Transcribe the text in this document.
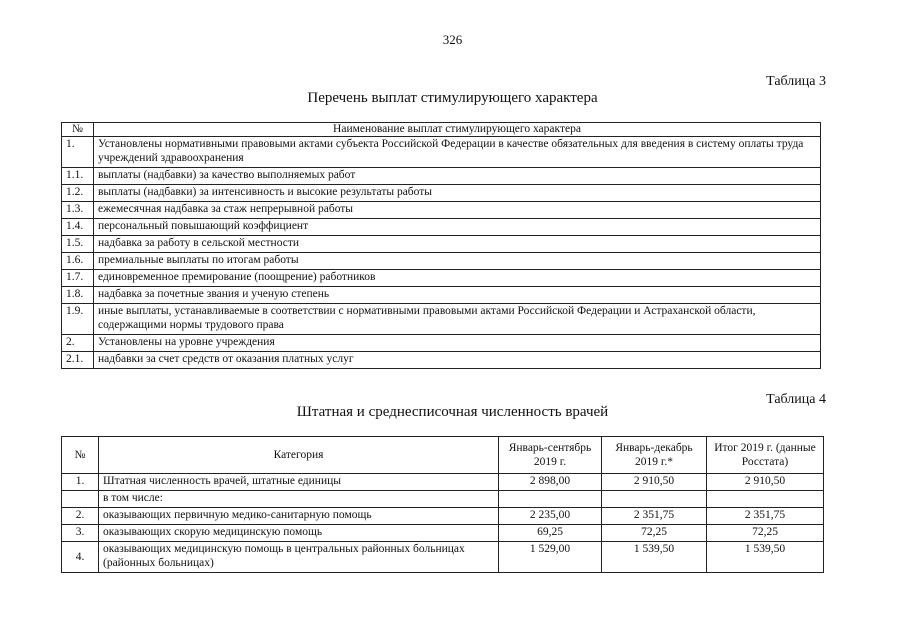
326
Таблица 3
Перечень выплат стимулирующего характера
№	Наименование выплат стимулирующего характера
1.	Установлены нормативными правовыми актами субъекта Российской Федерации в качестве обязательных для введения в систему оплаты труда учреждений здравоохранения
1.1.	выплаты (надбавки) за качество выполняемых работ
1.2.	выплаты (надбавки) за интенсивность и высокие результаты работы
1.3.	ежемесячная надбавка за стаж непрерывной работы
1.4.	персональный повышающий коэффициент
1.5.	надбавка за работу в сельской местности
1.6.	премиальные выплаты по итогам работы
1.7.	единовременное премирование (поощрение) работников
1.8.	надбавка за почетные звания и ученую степень
1.9.	иные выплаты, устанавливаемые в соответствии с нормативными правовыми актами Российской Федерации и Астраханской области, содержащими нормы трудового права
2.	Установлены на уровне учреждения
2.1.	надбавки за счет средств от оказания платных услуг
Таблица 4
Штатная и среднесписочная численность врачей
№	Категория	Январь-сентябрь 2019 г.	Январь-декабрь 2019 г.*	Итог 2019 г. (данные Росстата)
1.	Штатная численность врачей, штатные единицы	2 898,00	2 910,50	2 910,50
	в том числе:			
2.	оказывающих первичную медико-санитарную помощь	2 235,00	2 351,75	2 351,75
3.	оказывающих скорую медицинскую помощь	69,25	72,25	72,25
4.	оказывающих медицинскую помощь в центральных районных больницах (районных больницах)	1 529,00	1 539,50	1 539,50
